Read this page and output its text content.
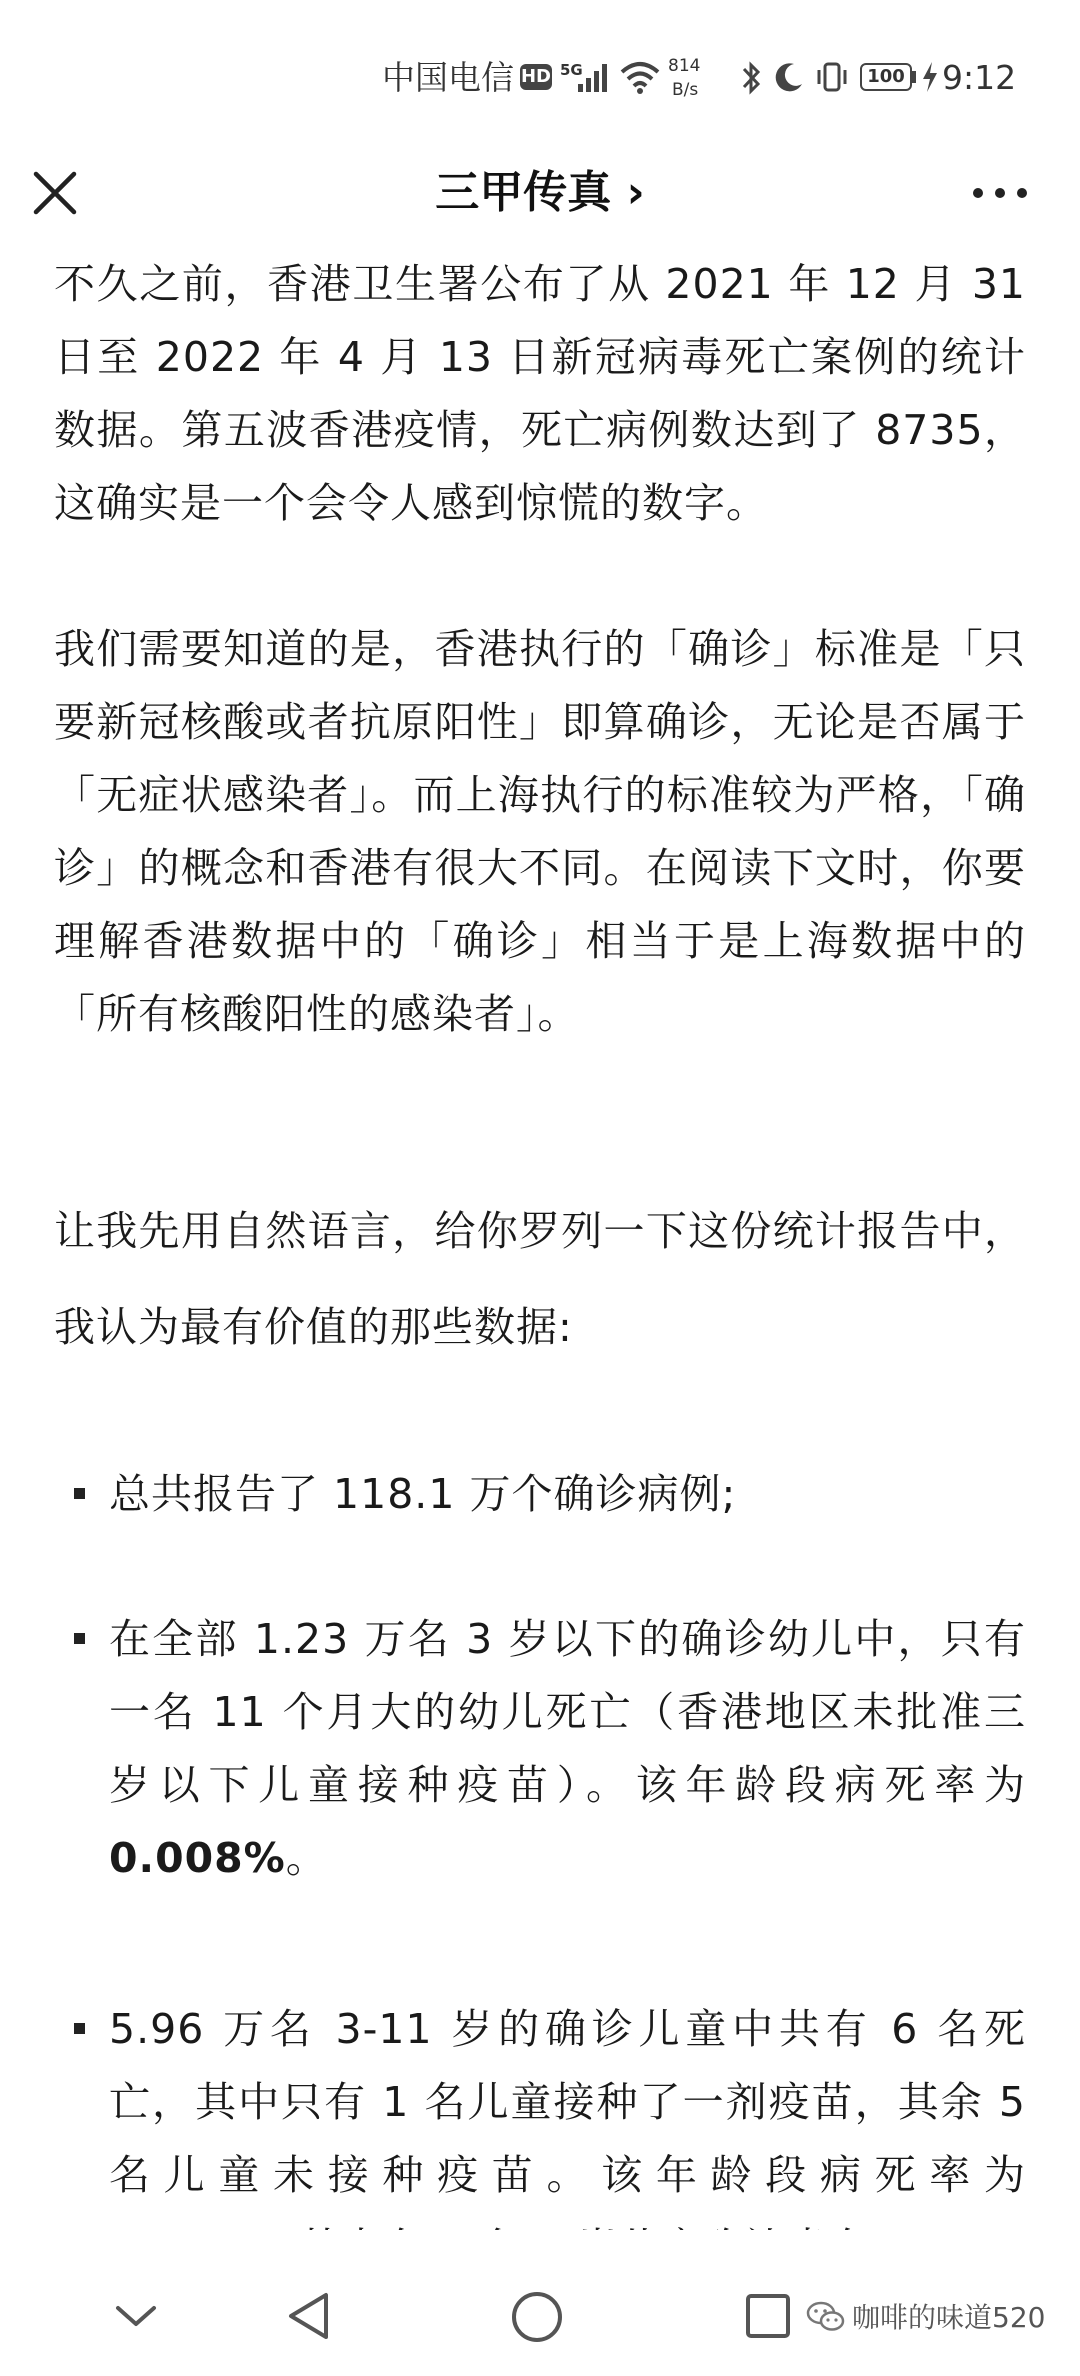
中国电信 HD 5G	814
B/s
100 9:12
三甲传真 ›

不久之前，香港卫生署公布了从 2021 年 12 月 31 日至 2022 年 4 月 13 日新冠病毒死亡案例的统计数据。第五波香港疫情，死亡病例数达到了 8735，这确实是一个会令人感到惊慌的数字。

我们需要知道的是，香港执行的「确诊」标准是「只要新冠核酸或者抗原阳性」即算确诊，无论是否属于「无症状感染者」。而上海执行的标准较为严格，「确诊」的概念和香港有很大不同。在阅读下文时，你要理解香港数据中的「确诊」相当于是上海数据中的「所有核酸阳性的感染者」。

让我先用自然语言，给你罗列一下这份统计报告中，我认为最有价值的那些数据:

总共报告了 118.1 万个确诊病例;
在全部 1.23 万名 3 岁以下的确诊幼儿中，只有一名 11 个月大的幼儿死亡（香港地区未批准三岁以下儿童接种疫苗）。该年龄段病死率为 0.008%。
5.96 万名 3-11 岁的确诊儿童中共有 6 名死亡，其中只有 1 名儿童接种了一剂疫苗，其余 5 名儿童未接种疫苗。该年龄段病死率为
咖啡的味道520
